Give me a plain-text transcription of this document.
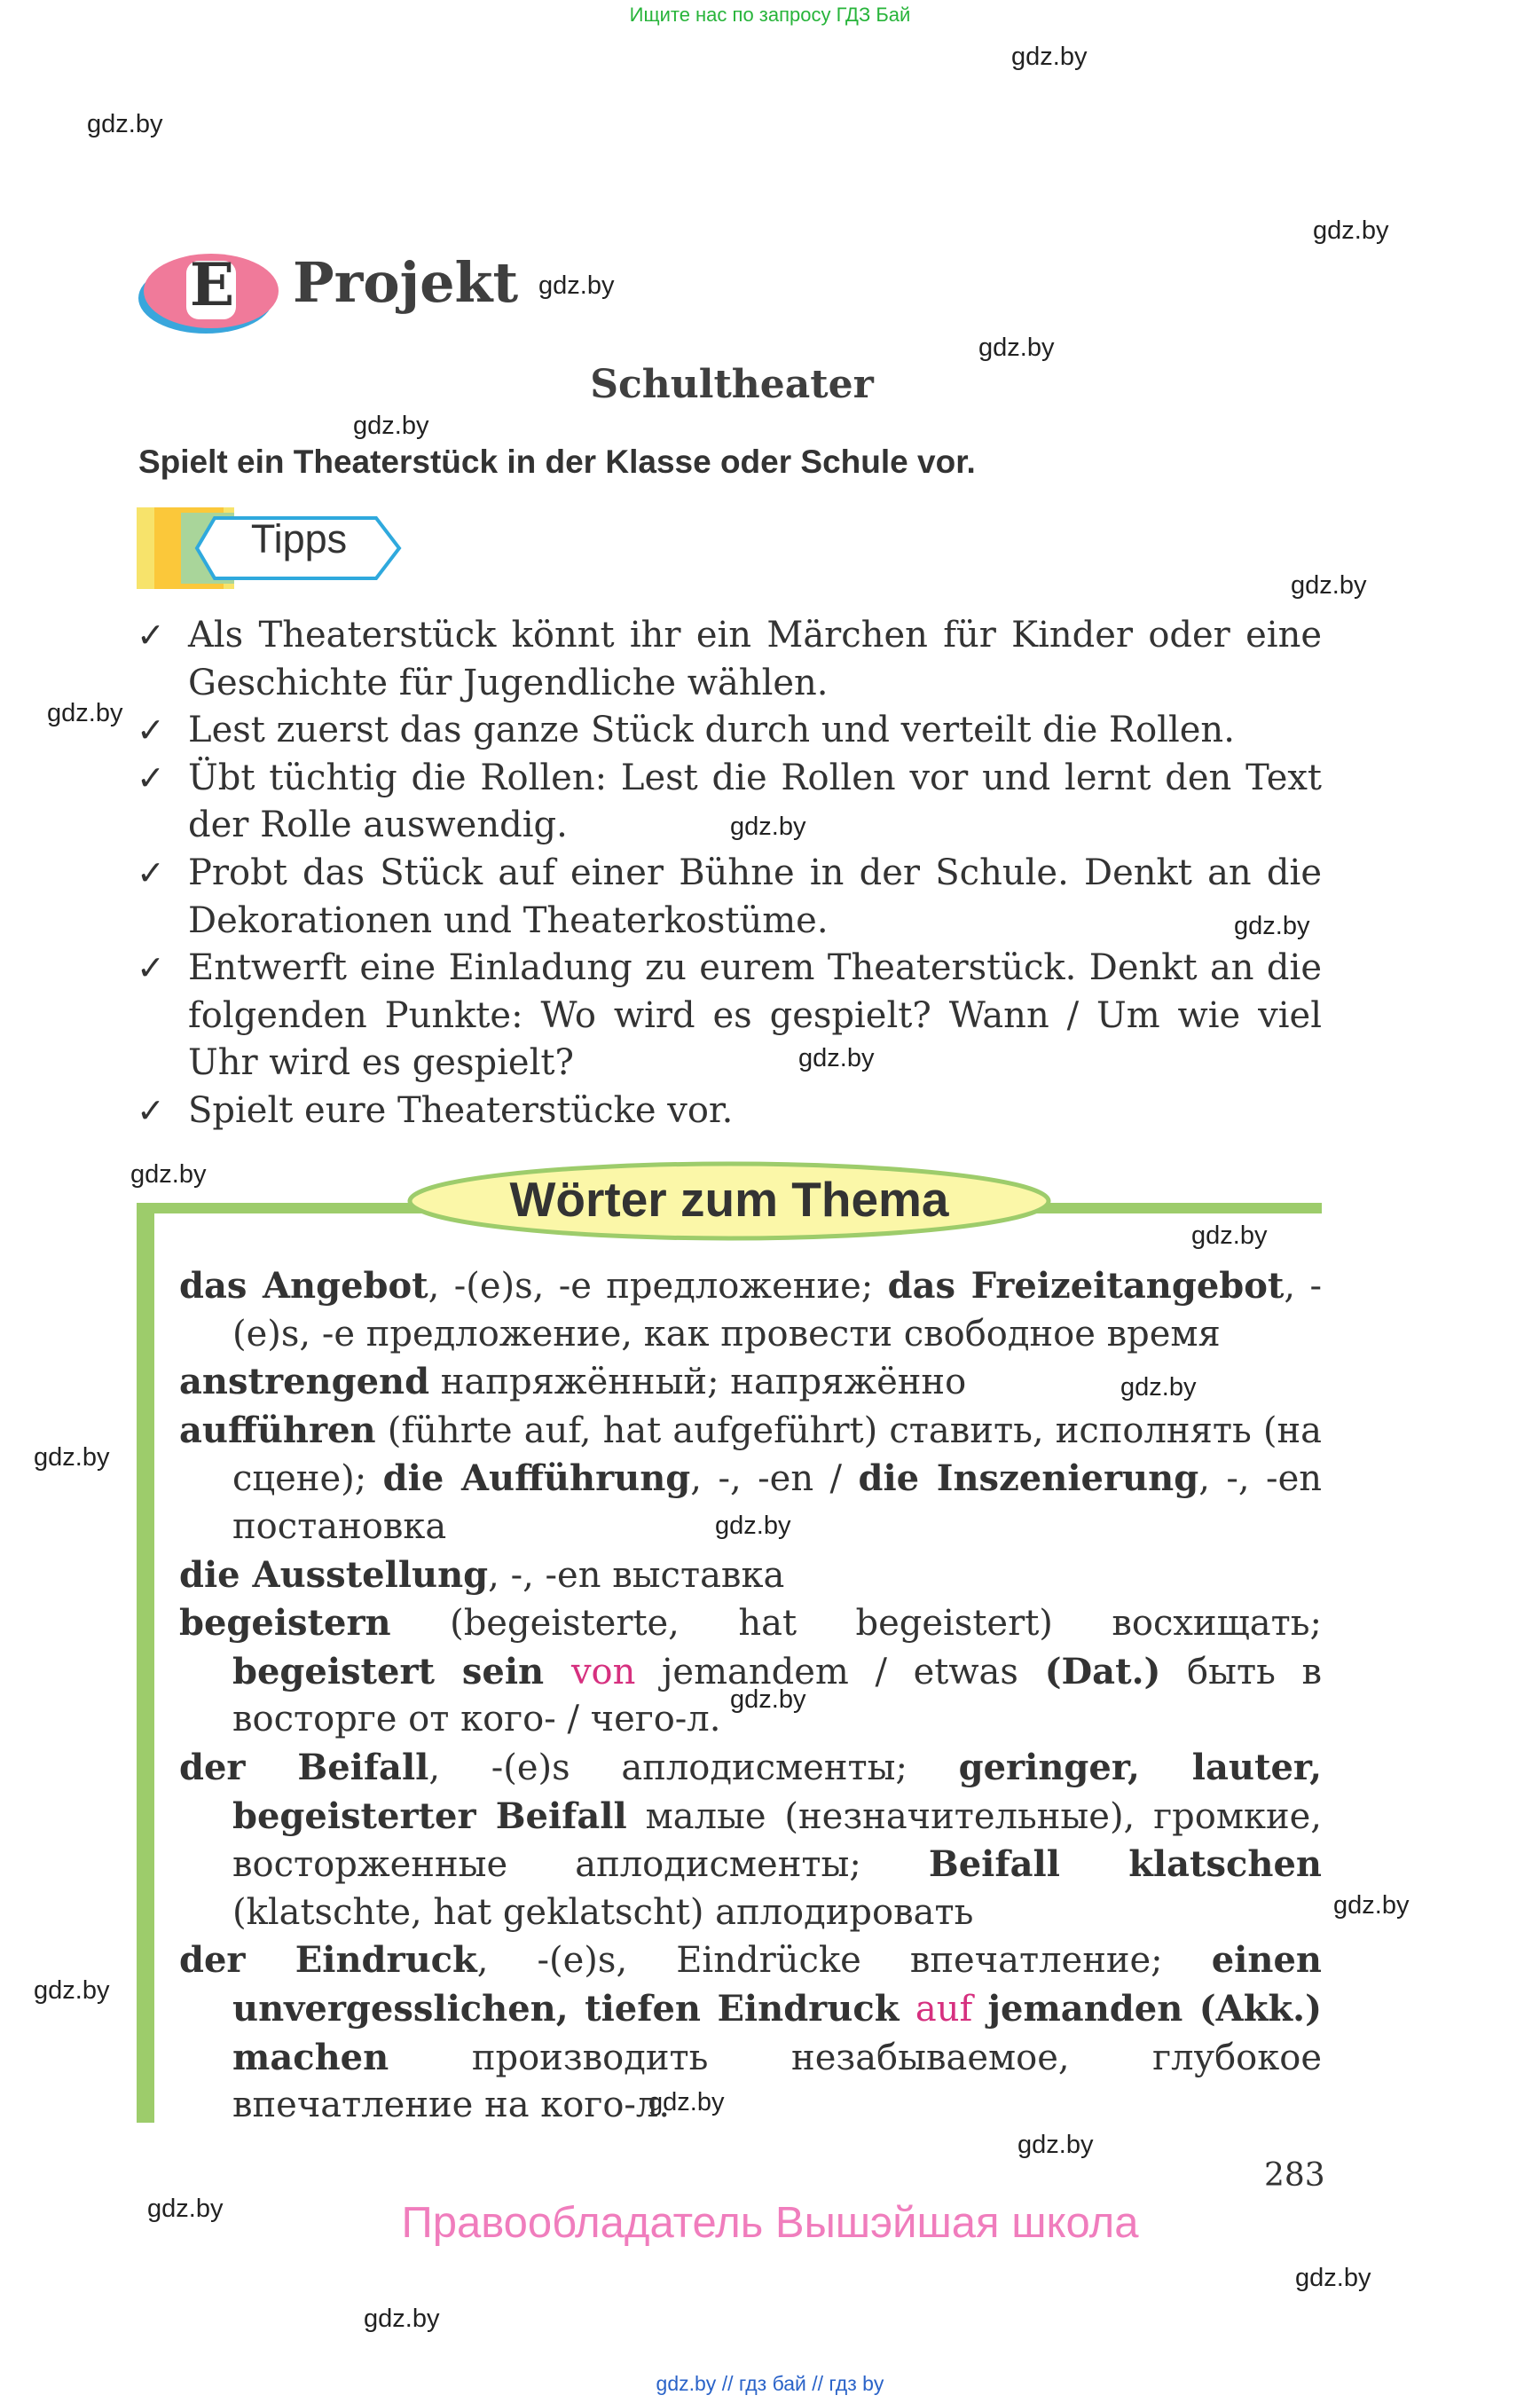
Ищите нас по запросу ГДЗ Бай
gdz.by
gdz.by
gdz.by
gdz.by
gdz.by
gdz.by
gdz.by
gdz.by
gdz.by
gdz.by
gdz.by
gdz.by
gdz.by
gdz.by
gdz.by
gdz.by
gdz.by
gdz.by
gdz.by
gdz.by
gdz.by
gdz.by
gdz.by
gdz.by
E	Projekt
Schultheater
Spielt ein Theaterstück in der Klasse oder Schule vor.
Tipps
✓ Als Theaterstück könnt ihr ein Märchen für Kinder oder eine Geschichte für Jugendliche wählen.
✓ Lest zuerst das ganze Stück durch und verteilt die Rollen.
✓ Übt tüchtig die Rollen: Lest die Rollen vor und lernt den Text der Rolle auswendig.
✓ Probt das Stück auf einer Bühne in der Schule. Denkt an die Dekorationen und Theaterkostüme.
✓ Entwerft eine Einladung zu eurem Theaterstück. Denkt an die folgenden Punkte: Wo wird es gespielt? Wann / Um wie viel Uhr wird es gespielt?
✓ Spielt eure Theaterstücke vor.
Wörter zum Thema
das Angebot, -(e)s, -e предложение; das Freizeitangebot, -(e)s, -e предложение, как провести свободное время
anstrengend напряжённый; напряжённо
aufführen (führte auf, hat aufgeführt) ставить, исполнять (на сцене); die Aufführung, -, -en / die Inszenierung, -, -en постановка
die Ausstellung, -, -en выставка
begeistern (begeisterte, hat begeistert) восхищать; begeistert sein von jemandem / etwas (Dat.) быть в восторге от кого- / чего-л.
der Beifall, -(e)s аплодисменты; geringer, lauter, begeisterter Beifall малые (незначительные), громкие, восторженные аплодисменты; Beifall klatschen (klatschte, hat geklatscht) аплодировать
der Eindruck, -(e)s, Eindrücke впечатление; einen unvergesslichen, tiefen Eindruck auf jemanden (Akk.) machen производить незабываемое, глубокое впечатление на кого-л.
283
Правообладатель Вышэйшая школа
gdz.by // гдз бай // гдз by
